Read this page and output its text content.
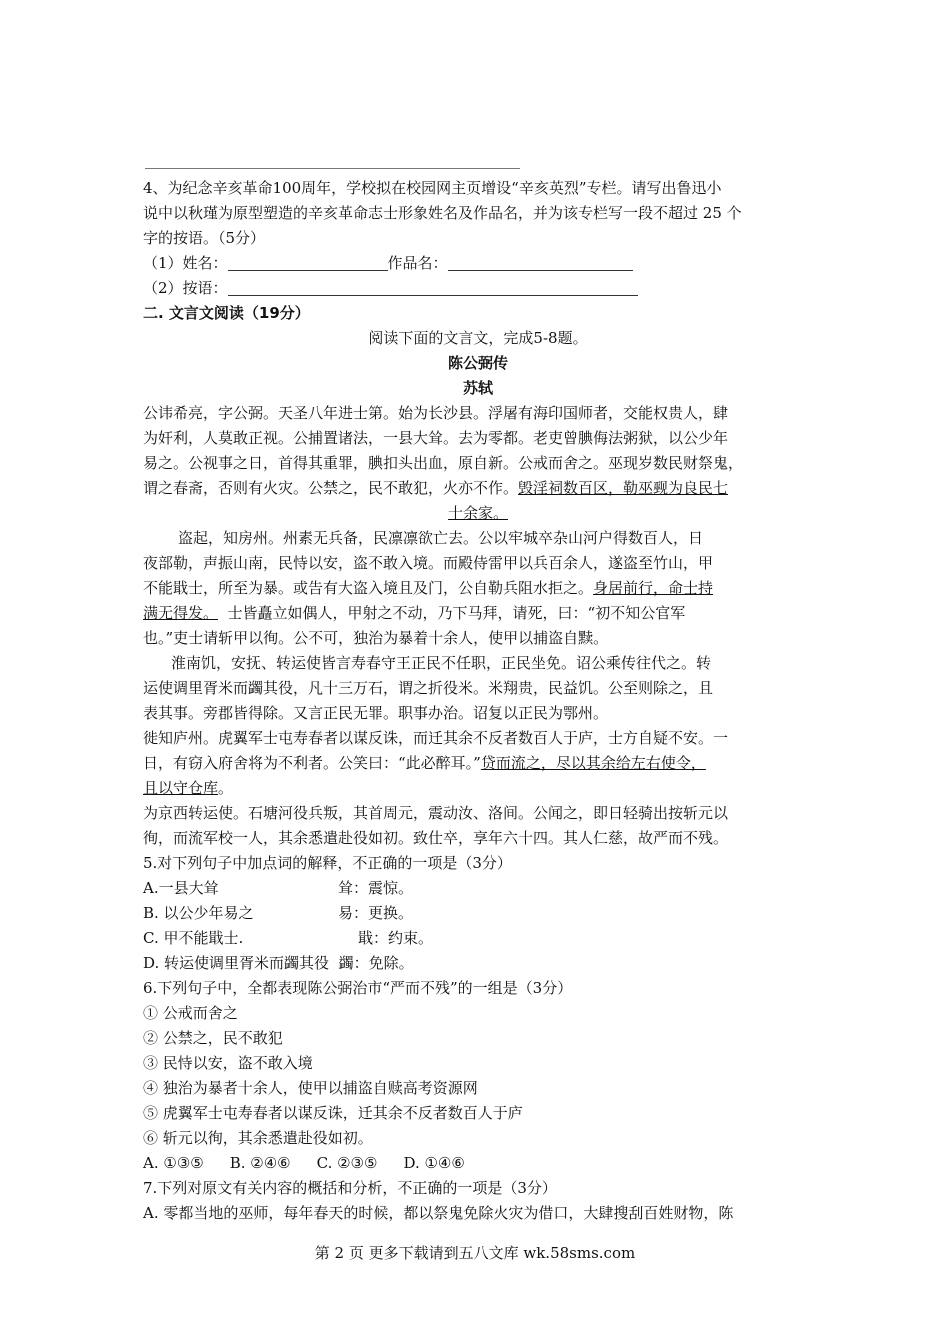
4、为纪念辛亥革命100周年，学校拟在校园网主页增设“辛亥英烈”专栏。请写出鲁迅小
说中以秋瑾为原型塑造的辛亥革命志士形象姓名及作品名，并为该专栏写一段不超过 25 个
字的按语。（5分）
（1）姓名：	作品名：
（2）按语：
二. 文言文阅读（19分）
阅读下面的文言文，完成5-8题。
陈公弼传
苏轼
公讳希亮，字公弼。天圣八年进士第。始为长沙县。浮屠有海印国师者，交能权贵人，肆
为奸利，人莫敢正视。公捕置诸法，一县大耸。去为零都。老吏曾腆侮法粥狱，以公少年
易之。公视事之日，首得其重罪，腆扣头出血，原自新。公戒而舍之。巫现岁数民财祭鬼，
谓之春斋，否则有火灾。公禁之，民不敢犯，火亦不作。毁淫祠数百区，勒巫觋为良民七
十余家。
盗起，知房州。州素无兵备，民凛凛欲亡去。公以牢城卒杂山河户得数百人，日
夜部勒，声振山南，民恃以安，盗不敢入境。而殿侍雷甲以兵百余人，遂盗至竹山，甲
不能戢士，所至为暴。或告有大盗入境且及门，公自勒兵阻水拒之。身居前行，命士持
满无得发。  士皆矗立如偶人，甲射之不动，乃下马拜，请死，曰：“初不知公官军
也。”吏士请斩甲以徇。公不可，独治为暴着十余人，使甲以捕盗自黩。
淮南饥，安抚、转运使皆言寿春守王正民不任职，正民坐免。诏公乘传往代之。转
运使调里胥米而蠲其役，凡十三万石，谓之折役米。米翔贵，民益饥。公至则除之，且
表其事。旁郡皆得除。又言正民无罪。职事办治。诏复以正民为鄂州。
徙知庐州。虎翼军士屯寿春者以谋反诛，而迁其余不反者数百人于庐，士方自疑不安。一
日，有窃入府舍将为不利者。公笑曰：“此必醉耳。”贷而流之，尽以其余给左右使令，
且以守仓库。
为京西转运使。石塘河役兵叛，其首周元，震动汝、洛间。公闻之，即日轻骑出按斩元以
徇，而流军校一人，其余悉遣赴役如初。致仕卒，享年六十四。其人仁慈，故严而不残。
5.对下列句子中加点词的解释，不正确的一项是（3分）
A.一县大耸	耸：震惊。
B. 以公少年易之	易：更换。
C. 甲不能戢士.	戢：约束。
D. 转运使调里胥米而蠲其役 蠲：免除。
6.下列句子中，全都表现陈公弼治市“严而不残”的一组是（3分）
① 公戒而舍之
② 公禁之，民不敢犯
③ 民恃以安，盗不敢入境
④ 独治为暴者十余人，使甲以捕盗自赎高考资源网
⑤ 虎翼军士屯寿春者以谋反诛，迁其余不反者数百人于庐
⑥ 斩元以徇，其余悉遣赴役如初。
A. ①③⑤ B. ②④⑥ C. ②③⑤ D. ①④⑥
7.下列对原文有关内容的概括和分析，不正确的一项是（3分）
A. 零都当地的巫师，每年春天的时候，都以祭鬼免除火灾为借口，大肆搜刮百姓财物，陈
第 2 页 更多下载请到五八文库 wk.58sms.com
